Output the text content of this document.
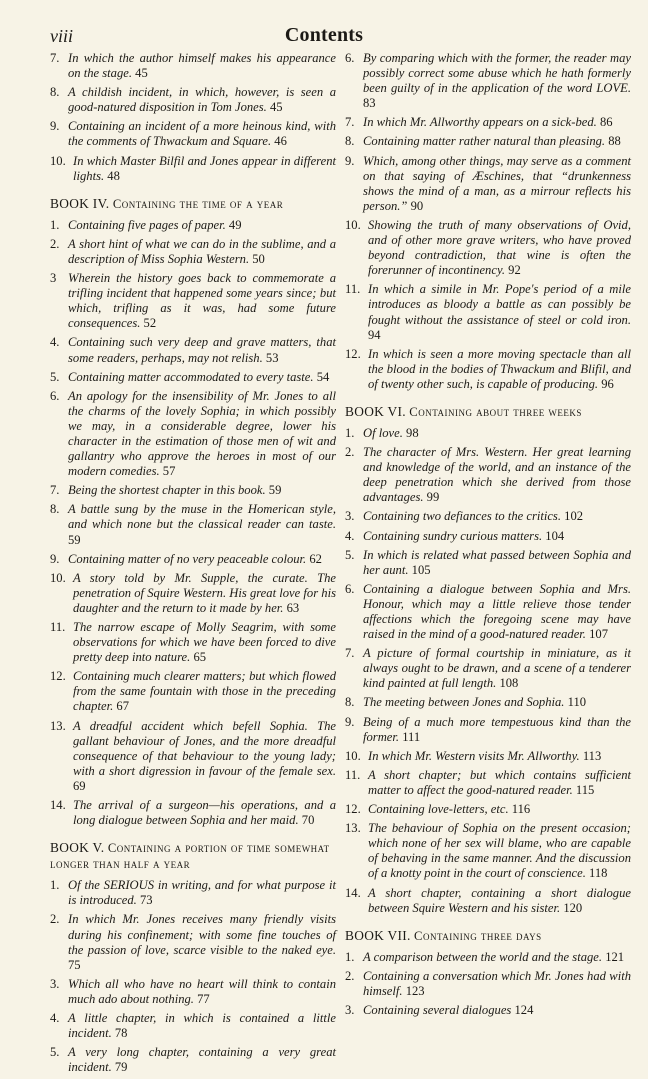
viii	Contents
7. In which the author himself makes his appearance on the stage. 45
8. A childish incident, in which, however, is seen a good-natured disposition in Tom Jones. 45
9. Containing an incident of a more heinous kind, with the comments of Thwackum and Square. 46
10. In which Master Bilfil and Jones appear in different lights. 48
BOOK IV. Containing the time of a year
1. Containing five pages of paper. 49
2. A short hint of what we can do in the sublime, and a description of Miss Sophia Western. 50
3 Wherein the history goes back to commemorate a trifling incident that happened some years since; but which, trifling as it was, had some future consequences. 52
4. Containing such very deep and grave matters, that some readers, perhaps, may not relish. 53
5. Containing matter accommodated to every taste. 54
6. An apology for the insensibility of Mr. Jones to all the charms of the lovely Sophia; in which possibly we may, in a considerable degree, lower his character in the estimation of those men of wit and gallantry who approve the heroes in most of our modern comedies. 57
7. Being the shortest chapter in this book. 59
8. A battle sung by the muse in the Homerican style, and which none but the classical reader can taste. 59
9. Containing matter of no very peaceable colour. 62
10. A story told by Mr. Supple, the curate. The penetration of Squire Western. His great love for his daughter and the return to it made by her. 63
11. The narrow escape of Molly Seagrim, with some observations for which we have been forced to dive pretty deep into nature. 65
12. Containing much clearer matters; but which flowed from the same fountain with those in the preceding chapter. 67
13. A dreadful accident which befell Sophia. The gallant behaviour of Jones, and the more dreadful consequence of that behaviour to the young lady; with a short digression in favour of the female sex. 69
14. The arrival of a surgeon—his operations, and a long dialogue between Sophia and her maid. 70
BOOK V. Containing a portion of time somewhat longer than half a year
1. Of the SERIOUS in writing, and for what purpose it is introduced. 73
2. In which Mr. Jones receives many friendly visits during his confinement; with some fine touches of the passion of love, scarce visible to the naked eye. 75
3. Which all who have no heart will think to contain much ado about nothing. 77
4. A little chapter, in which is contained a little incident. 78
5. A very long chapter, containing a very great incident. 79
6. By comparing which with the former, the reader may possibly correct some abuse which he hath formerly been guilty of in the application of the word LOVE. 83
7. In which Mr. Allworthy appears on a sick-bed. 86
8. Containing matter rather natural than pleasing. 88
9. Which, among other things, may serve as a comment on that saying of Æschines, that “drunkenness shows the mind of a man, as a mirrour reflects his person.” 90
10. Showing the truth of many observations of Ovid, and of other more grave writers, who have proved beyond contradiction, that wine is often the forerunner of incontinency. 92
11. In which a simile in Mr. Pope's period of a mile introduces as bloody a battle as can possibly be fought without the assistance of steel or cold iron. 94
12. In which is seen a more moving spectacle than all the blood in the bodies of Thwackum and Blifil, and of twenty other such, is capable of producing. 96
BOOK VI. Containing about three weeks
1. Of love. 98
2. The character of Mrs. Western. Her great learning and knowledge of the world, and an instance of the deep penetration which she derived from those advantages. 99
3. Containing two defiances to the critics. 102
4. Containing sundry curious matters. 104
5. In which is related what passed between Sophia and her aunt. 105
6. Containing a dialogue between Sophia and Mrs. Honour, which may a little relieve those tender affections which the foregoing scene may have raised in the mind of a good-natured reader. 107
7. A picture of formal courtship in miniature, as it always ought to be drawn, and a scene of a tenderer kind painted at full length. 108
8. The meeting between Jones and Sophia. 110
9. Being of a much more tempestuous kind than the former. 111
10. In which Mr. Western visits Mr. Allworthy. 113
11. A short chapter; but which contains sufficient matter to affect the good-natured reader. 115
12. Containing love-letters, etc. 116
13. The behaviour of Sophia on the present occasion; which none of her sex will blame, who are capable of behaving in the same manner. And the discussion of a knotty point in the court of conscience. 118
14. A short chapter, containing a short dialogue between Squire Western and his sister. 120
BOOK VII. Containing three days
1. A comparison between the world and the stage. 121
2. Containing a conversation which Mr. Jones had with himself. 123
3. Containing several dialogues 124
